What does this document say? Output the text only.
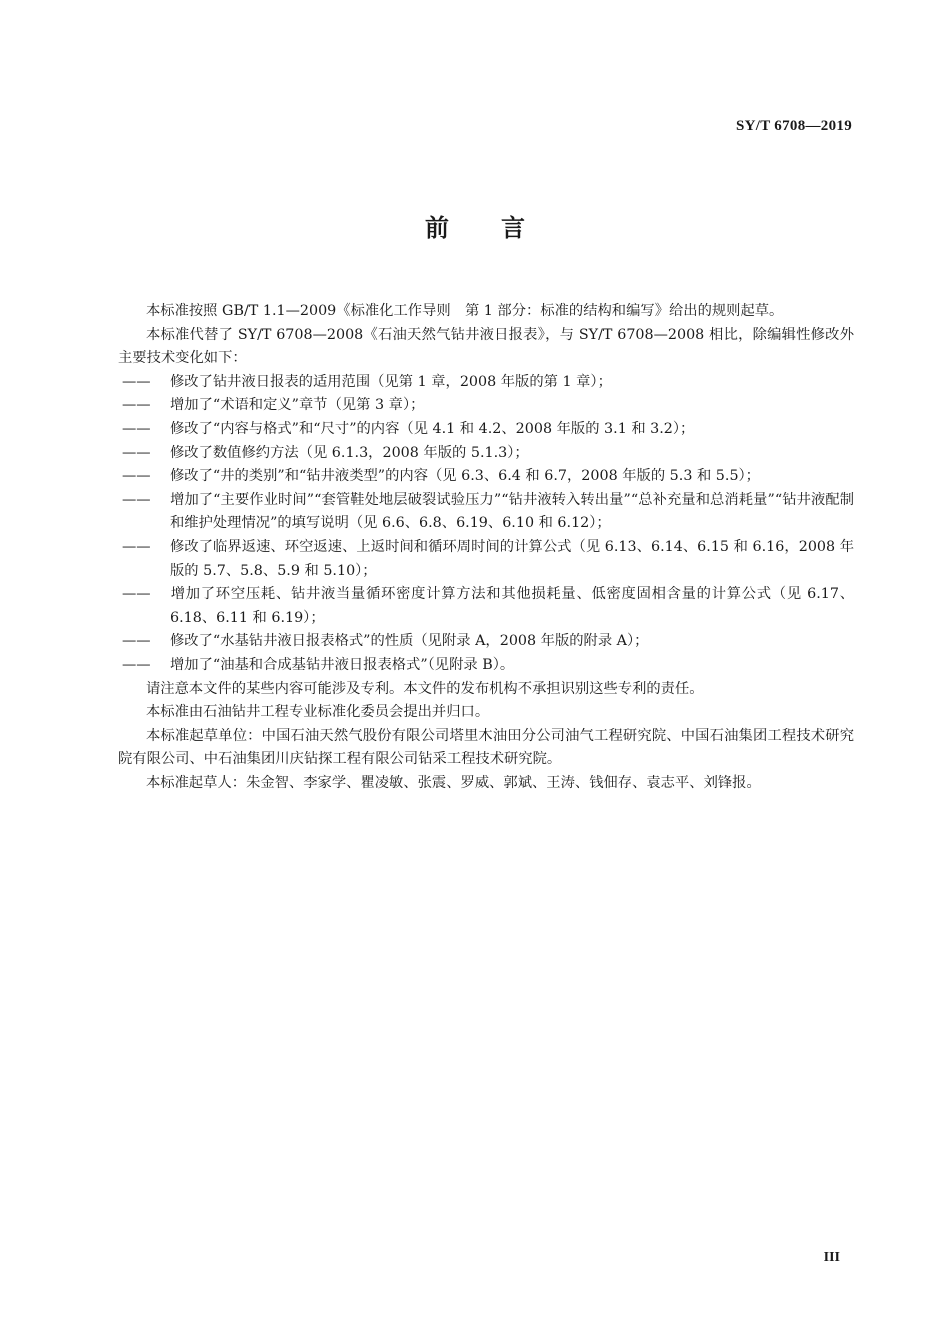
SY/T 6708—2019
前 言

本标准按照 GB/T 1.1—2009《标准化工作导则　第 1 部分：标准的结构和编写》给出的规则起草。

本标准代替了 SY/T 6708—2008《石油天然气钻井液日报表》，与 SY/T 6708—2008 相比，除编辑性修改外主要技术变化如下：

—— 修改了钻井液日报表的适用范围（见第 1 章，2008 年版的第 1 章）；

—— 增加了“术语和定义”章节（见第 3 章）；

—— 修改了“内容与格式”和“尺寸”的内容（见 4.1 和 4.2、2008 年版的 3.1 和 3.2）；

—— 修改了数值修约方法（见 6.1.3，2008 年版的 5.1.3）；

—— 修改了“井的类别”和“钻井液类型”的内容（见 6.3、6.4 和 6.7，2008 年版的 5.3 和 5.5）；

—— 增加了“主要作业时间”“套管鞋处地层破裂试验压力”“钻井液转入转出量”“总补充量和总消耗量”“钻井液配制和维护处理情况”的填写说明（见 6.6、6.8、6.19、6.10 和 6.12）；

—— 修改了临界返速、环空返速、上返时间和循环周时间的计算公式（见 6.13、6.14、6.15 和 6.16，2008 年版的 5.7、5.8、5.9 和 5.10）；

—— 增加了环空压耗、钻井液当量循环密度计算方法和其他损耗量、低密度固相含量的计算公式（见 6.17、6.18、6.11 和 6.19）；

—— 修改了“水基钻井液日报表格式”的性质（见附录 A，2008 年版的附录 A）；

—— 增加了“油基和合成基钻井液日报表格式”（见附录 B）。

请注意本文件的某些内容可能涉及专利。本文件的发布机构不承担识别这些专利的责任。

本标准由石油钻井工程专业标准化委员会提出并归口。

本标准起草单位：中国石油天然气股份有限公司塔里木油田分公司油气工程研究院、中国石油集团工程技术研究院有限公司、中石油集团川庆钻探工程有限公司钻采工程技术研究院。

本标准起草人：朱金智、李家学、瞿凌敏、张震、罗威、郭斌、王涛、钱佃存、袁志平、刘锋报。

III
